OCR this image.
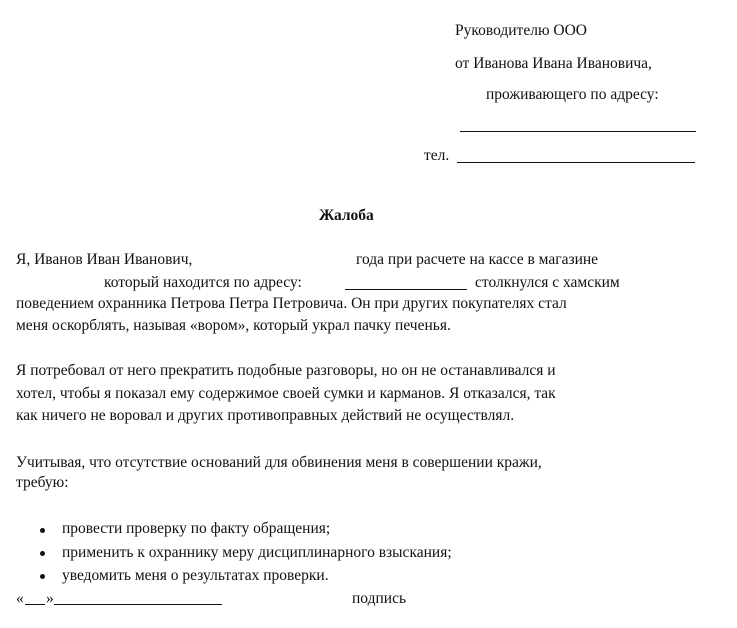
Руководителю ООО
от Иванова Ивана Ивановича,
проживающего по адресу:
тел.
Жалоба
Я, Иванов Иван Иванович,	года при расчете на кассе в магазине
который находится по адресу:	столкнулся с хамским
поведением охранника Петрова Петра Петровича. Он при других покупателях стал
меня оскорблять, называя «вором», который украл пачку печенья.
Я потребовал от него прекратить подобные разговоры, но он не останавливался и
хотел, чтобы я показал ему содержимое своей сумки и карманов. Я отказался, так
как ничего не воровал и других противоправных действий не осуществлял.
Учитывая, что отсутствие оснований для обвинения меня в совершении кражи,
требую:
провести проверку по факту обращения;
применить к охраннику меру дисциплинарного взыскания;
уведомить меня о результатах проверки.
« »	подпись
